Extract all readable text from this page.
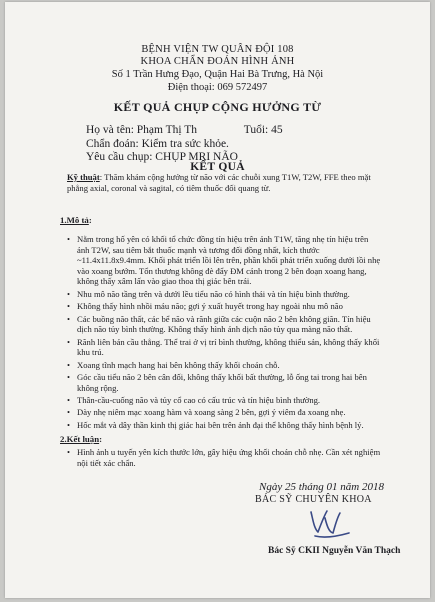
BỆNH VIỆN TW QUÂN ĐỘI 108
KHOA CHẨN ĐOÁN HÌNH ẢNH
Số 1 Trần Hưng Đạo, Quận Hai Bà Trưng, Hà Nội
Điện thoại: 069 572497
KẾT QUẢ CHỤP CỘNG HƯỞNG TỪ
Họ và tên: Phạm Thị Th	Tuổi: 45
Chẩn đoán: Kiểm tra sức khỏe.
Yêu cầu chụp: CHỤP MRI NÃO
KẾT QUẢ
Kỹ thuật: Thăm khám cộng hưởng từ não với các chuỗi xung T1W, T2W, FFE theo mặt phẳng axial, coronal và sagital, có tiêm thuốc đối quang từ.
1.Mô tả:
• Nằm trong hố yên có khối tổ chức đồng tín hiệu trên ảnh T1W, tăng nhẹ tín hiệu trên ảnh T2W, sau tiêm bắt thuốc mạnh và tương đối đồng nhất, kích thước ~11.4x11.8x9.4mm. Khối phát triển lồi lên trên, phần khối phát triển xuống dưới lồi nhẹ vào xoang bướm. Tổn thương không đè đẩy ĐM cảnh trong 2 bên đoạn xoang hang, không thấy xâm lấn vào giao thoa thị giác bên trái.
• Nhu mô não tầng trên và dưới lều tiểu não có hình thái và tín hiệu bình thường.
• Không thấy hình nhồi máu não; gợi ý xuất huyết trong hay ngoài nhu mô não
• Các buồng não thất, các bể não và rãnh giữa các cuộn não 2 bên không giãn. Tín hiệu dịch não tủy bình thường. Không thấy hình ảnh dịch não tủy qua màng não thất.
• Rãnh liên bán cầu thẳng. Thể trai ở vị trí bình thường, không thiểu sản, không thấy khối khu trú.
• Xoang tĩnh mạch hang hai bên không thấy khối choán chỗ.
• Góc cầu tiểu não 2 bên cân đối, không thấy khối bất thường, lỗ ống tai trong hai bên không rộng.
• Thân-cầu-cuống não và tủy cổ cao có cấu trúc và tín hiệu bình thường.
• Dày nhẹ niêm mạc xoang hàm và xoang sàng 2 bên, gợi ý viêm đa xoang nhẹ.
• Hốc mắt và dây thần kinh thị giác hai bên trên ảnh đại thể không thấy hình bệnh lý.
2.Kết luận:
• Hình ảnh u tuyến yên kích thước lớn, gây hiệu ứng khối choán chỗ nhẹ. Cần xét nghiệm nội tiết xác chẩn.
Ngày 25 tháng 01 năm 2018
BÁC SỸ CHUYÊN KHOA
Bác Sỹ CKII Nguyễn Văn Thạch
